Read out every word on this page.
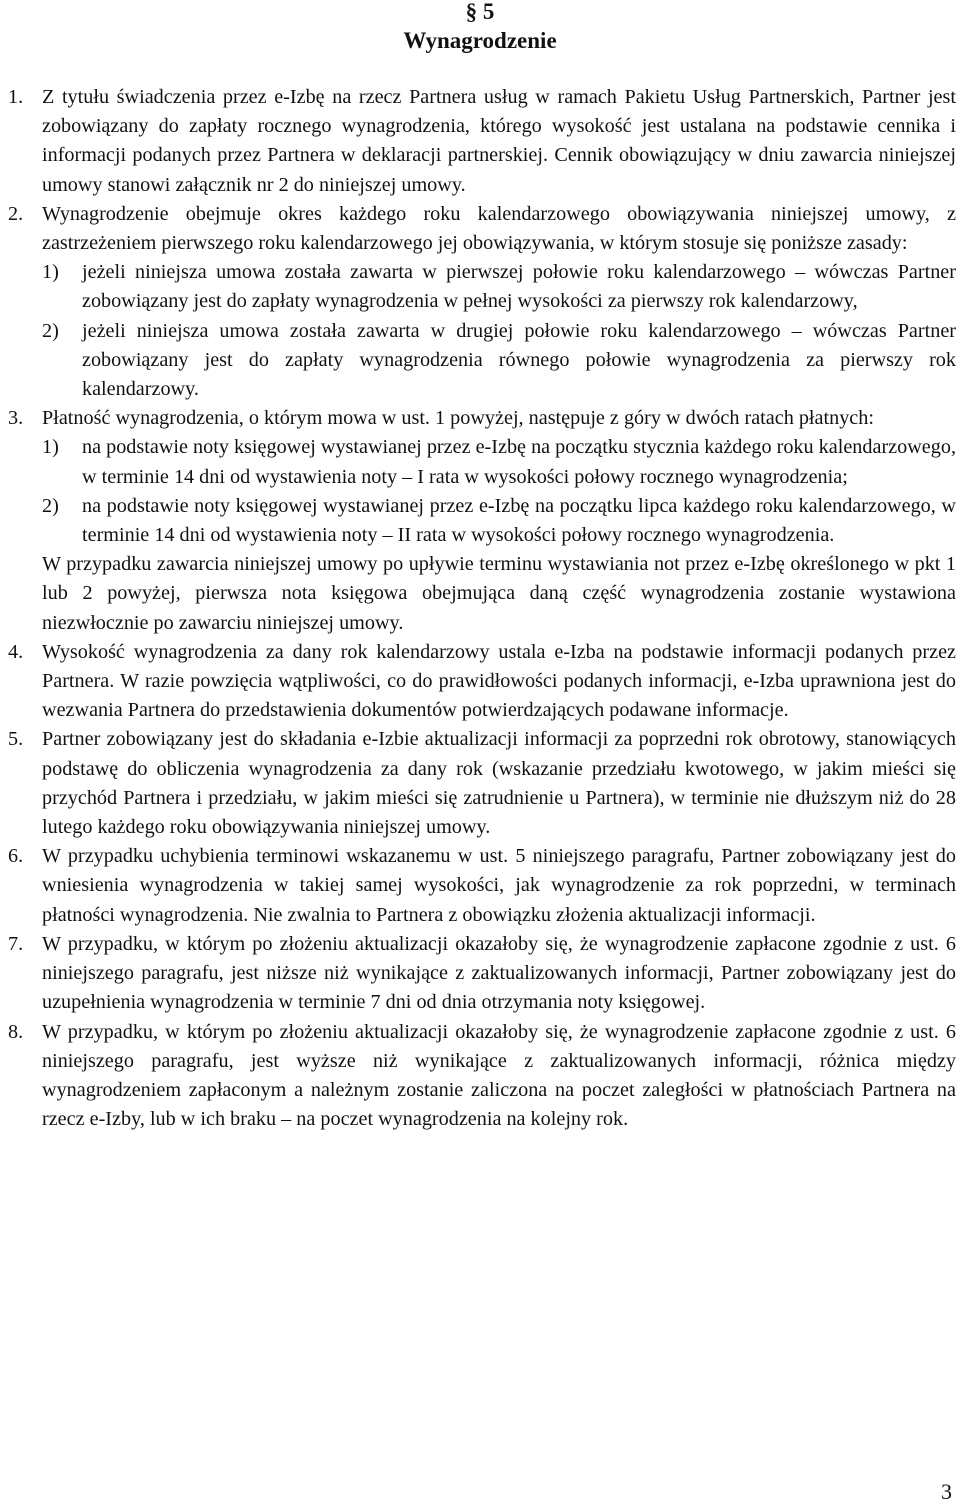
§ 5
Wynagrodzenie
1. Z tytułu świadczenia przez e-Izbę na rzecz Partnera usług w ramach Pakietu Usług Partnerskich, Partner jest zobowiązany do zapłaty rocznego wynagrodzenia, którego wysokość jest ustalana na podstawie cennika i informacji podanych przez Partnera w deklaracji partnerskiej. Cennik obowiązujący w dniu zawarcia niniejszej umowy stanowi załącznik nr 2 do niniejszej umowy.
2. Wynagrodzenie obejmuje okres każdego roku kalendarzowego obowiązywania niniejszej umowy, z zastrzeżeniem pierwszego roku kalendarzowego jej obowiązywania, w którym stosuje się poniższe zasady:
1)	jeżeli niniejsza umowa została zawarta w pierwszej połowie roku kalendarzowego – wówczas Partner zobowiązany jest do zapłaty wynagrodzenia w pełnej wysokości za pierwszy rok kalendarzowy,
2)	jeżeli niniejsza umowa została zawarta w drugiej połowie roku kalendarzowego – wówczas Partner zobowiązany jest do zapłaty wynagrodzenia równego połowie wynagrodzenia za pierwszy rok kalendarzowy.
3. Płatność wynagrodzenia, o którym mowa w ust. 1 powyżej, następuje z góry w dwóch ratach płatnych:
1)	na podstawie noty księgowej wystawianej przez e-Izbę na początku stycznia każdego roku kalendarzowego, w terminie 14 dni od wystawienia noty – I rata w wysokości połowy rocznego wynagrodzenia;
2)	na podstawie noty księgowej wystawianej przez e-Izbę na początku lipca każdego roku kalendarzowego, w terminie 14 dni od wystawienia noty – II rata w wysokości połowy rocznego wynagrodzenia.
W przypadku zawarcia niniejszej umowy po upływie terminu wystawiania not przez e-Izbę określonego w pkt 1 lub 2 powyżej, pierwsza nota księgowa obejmująca daną część wynagrodzenia zostanie wystawiona niezwłocznie po zawarciu niniejszej umowy.
4. Wysokość wynagrodzenia za dany rok kalendarzowy ustala e-Izba na podstawie informacji podanych przez Partnera. W razie powzięcia wątpliwości, co do prawidłowości podanych informacji, e-Izba uprawniona jest do wezwania Partnera do przedstawienia dokumentów potwierdzających podawane informacje.
5. Partner zobowiązany jest do składania e-Izbie aktualizacji informacji za poprzedni rok obrotowy, stanowiących podstawę do obliczenia wynagrodzenia za dany rok (wskazanie przedziału kwotowego, w jakim mieści się przychód Partnera i przedziału, w jakim mieści się zatrudnienie u Partnera), w terminie nie dłuższym niż do 28 lutego każdego roku obowiązywania niniejszej umowy.
6. W przypadku uchybienia terminowi wskazanemu w ust. 5 niniejszego paragrafu, Partner zobowiązany jest do wniesienia wynagrodzenia w takiej samej wysokości, jak wynagrodzenie za rok poprzedni, w terminach płatności wynagrodzenia. Nie zwalnia to Partnera z obowiązku złożenia aktualizacji informacji.
7. W przypadku, w którym po złożeniu aktualizacji okazałoby się, że wynagrodzenie zapłacone zgodnie z ust. 6 niniejszego paragrafu, jest niższe niż wynikające z zaktualizowanych informacji, Partner zobowiązany jest do uzupełnienia wynagrodzenia w terminie 7 dni od dnia otrzymania noty księgowej.
8. W przypadku, w którym po złożeniu aktualizacji okazałoby się, że wynagrodzenie zapłacone zgodnie z ust. 6 niniejszego paragrafu, jest wyższe niż wynikające z zaktualizowanych informacji, różnica między wynagrodzeniem zapłaconym a należnym zostanie zaliczona na poczet zaległości w płatnościach Partnera na rzecz e-Izby, lub w ich braku – na poczet wynagrodzenia na kolejny rok.
3
